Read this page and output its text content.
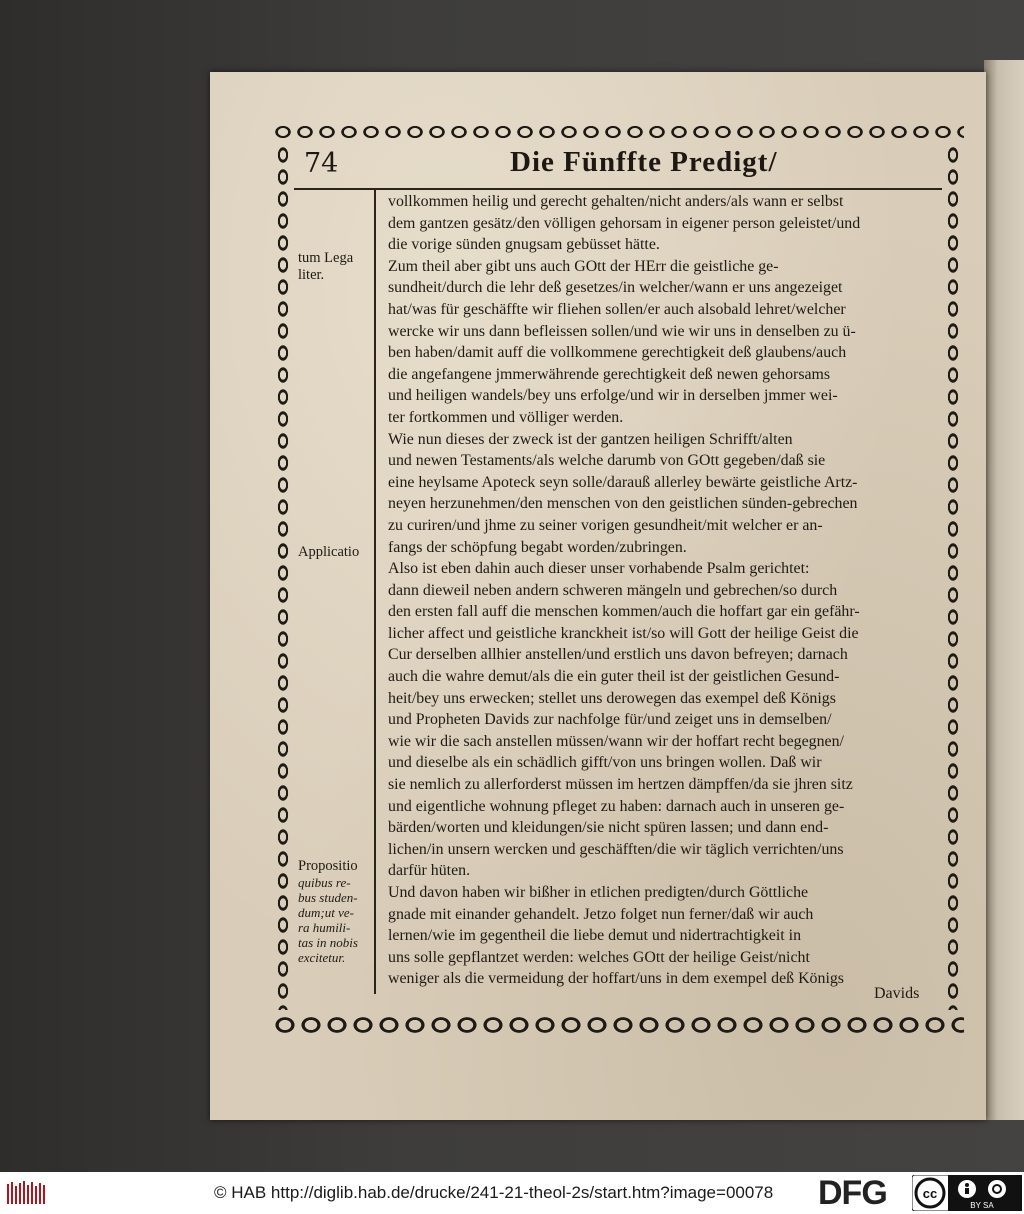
74	Die Fünffte Predigt/
tum Lega
liter.
Applicatio
Propositio
quibus re-
bus studen-
dum;ut ve-
ra humili-
tas in nobis
excitetur.
vollkommen heilig und gerecht gehalten/nicht anders/als wann er selbst
dem gantzen gesätz/den völligen gehorsam in eigener person geleistet/und
die vorige sünden gnugsam gebüsset hätte.
Zum theil aber gibt uns auch GOtt der HErr die geistliche ge-
sundheit/durch die lehr deß gesetzes/in welcher/wann er uns angezeiget
hat/was für geschäffte wir fliehen sollen/er auch alsobald lehret/welcher
wercke wir uns dann befleissen sollen/und wie wir uns in denselben zu ü-
ben haben/damit auff die vollkommene gerechtigkeit deß glaubens/auch
die angefangene jmmerwährende gerechtigkeit deß newen gehorsams
und heiligen wandels/bey uns erfolge/und wir in derselben jmmer wei-
ter fortkommen und völliger werden.
Wie nun dieses der zweck ist der gantzen heiligen Schrifft/alten
und newen Testaments/als welche darumb von GOtt gegeben/daß sie
eine heylsame Apoteck seyn solle/darauß allerley bewärte geistliche Artz-
neyen herzunehmen/den menschen von den geistlichen sünden-gebrechen
zu curiren/und jhme zu seiner vorigen gesundheit/mit welcher er an-
fangs der schöpfung begabt worden/zubringen.
Also ist eben dahin auch dieser unser vorhabende Psalm gerichtet:
dann dieweil neben andern schweren mängeln und gebrechen/so durch
den ersten fall auff die menschen kommen/auch die hoffart gar ein gefähr-
licher affect und geistliche kranckheit ist/so will Gott der heilige Geist die
Cur derselben allhier anstellen/und erstlich uns davon befreyen; darnach
auch die wahre demut/als die ein guter theil ist der geistlichen Gesund-
heit/bey uns erwecken; stellet uns derowegen das exempel deß Königs
und Propheten Davids zur nachfolge für/und zeiget uns in demselben/
wie wir die sach anstellen müssen/wann wir der hoffart recht begegnen/
und dieselbe als ein schädlich gifft/von uns bringen wollen. Daß wir
sie nemlich zu allerforderst müssen im hertzen dämpffen/da sie jhren sitz
und eigentliche wohnung pfleget zu haben: darnach auch in unseren ge-
bärden/worten und kleidungen/sie nicht spüren lassen; und dann end-
lichen/in unsern wercken und geschäfften/die wir täglich verrichten/uns
darfür hüten.
Und davon haben wir bißher in etlichen predigten/durch Göttliche
gnade mit einander gehandelt. Jetzo folget nun ferner/daß wir auch
lernen/wie im gegentheil die liebe demut und nidertrachtigkeit in
uns solle gepflantzet werden: welches GOtt der heilige Geist/nicht
weniger als die vermeidung der hoffart/uns in dem exempel deß Königs
Davids
© HAB http://diglib.hab.de/drucke/241-21-theol-2s/start.htm?image=00078 DFG	cc
BY SA
